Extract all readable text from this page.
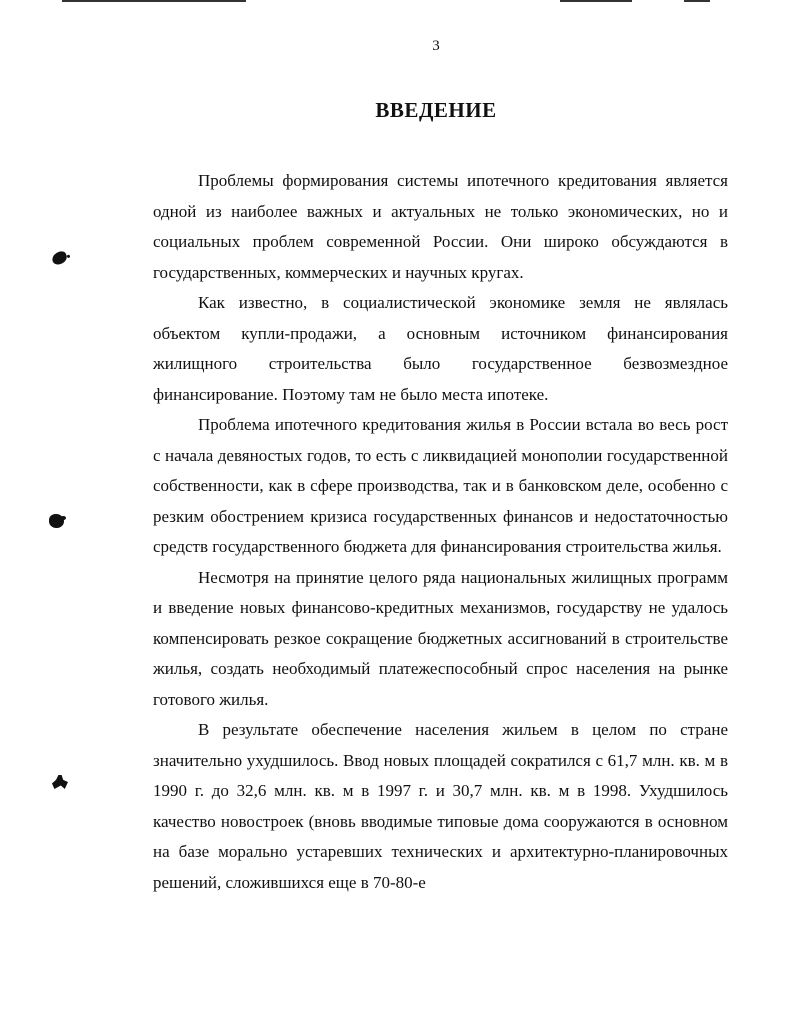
3
ВВЕДЕНИЕ

Проблемы формирования системы ипотечного кредитования является одной из наиболее важных и актуальных не только экономических, но и социальных проблем современной России. Они широко обсуждаются в государственных, коммерческих и научных кругах.

Как известно, в социалистической экономике земля не являлась объектом купли-продажи, а основным источником финансирования жилищного строительства было государственное безвозмездное финансирование. Поэтому там не было места ипотеке.

Проблема ипотечного кредитования жилья в России встала во весь рост с начала девяностых годов, то есть с ликвидацией монополии государственной собственности, как в сфере производства, так и в банковском деле, особенно с резким обострением кризиса государственных финансов и недостаточностью средств государственного бюджета для финансирования строительства жилья.

Несмотря на принятие целого ряда национальных жилищных программ и введение новых финансово-кредитных механизмов, государству не удалось компенсировать резкое сокращение бюджетных ассигнований в строительстве жилья, создать необходимый платежеспособный спрос населения на рынке готового жилья.

В результате обеспечение населения жильем в целом по стране значительно ухудшилось. Ввод новых площадей сократился с 61,7 млн. кв. м в 1990 г. до 32,6 млн. кв. м в 1997 г. и 30,7 млн. кв. м в 1998. Ухудшилось качество новостроек (вновь вводимые типовые дома сооружаются в основном на базе морально устаревших технических и архитектурно-планировочных решений, сложившихся еще в 70-80-е
